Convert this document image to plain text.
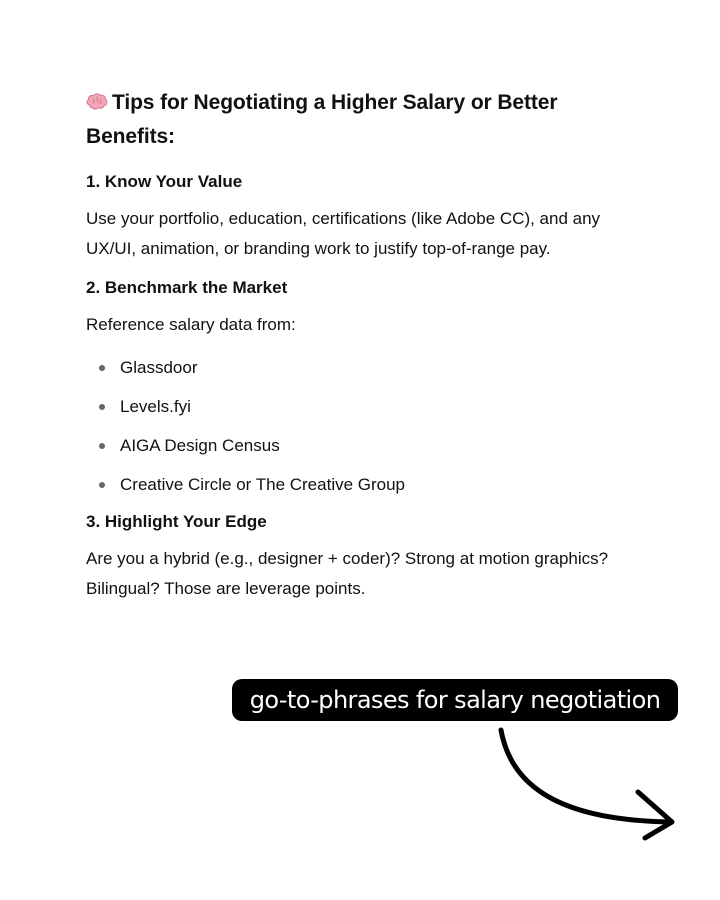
Tips for Negotiating a Higher Salary or Better Benefits:
1. Know Your Value

Use your portfolio, education, certifications (like Adobe CC), and any UX/UI, animation, or branding work to justify top-of-range pay.

2. Benchmark the Market

Reference salary data from:

Glassdoor
Levels.fyi
AIGA Design Census
Creative Circle or The Creative Group
3. Highlight Your Edge

Are you a hybrid (e.g., designer + coder)? Strong at motion graphics? Bilingual? Those are leverage points.

go-to-phrases for salary negotiation
